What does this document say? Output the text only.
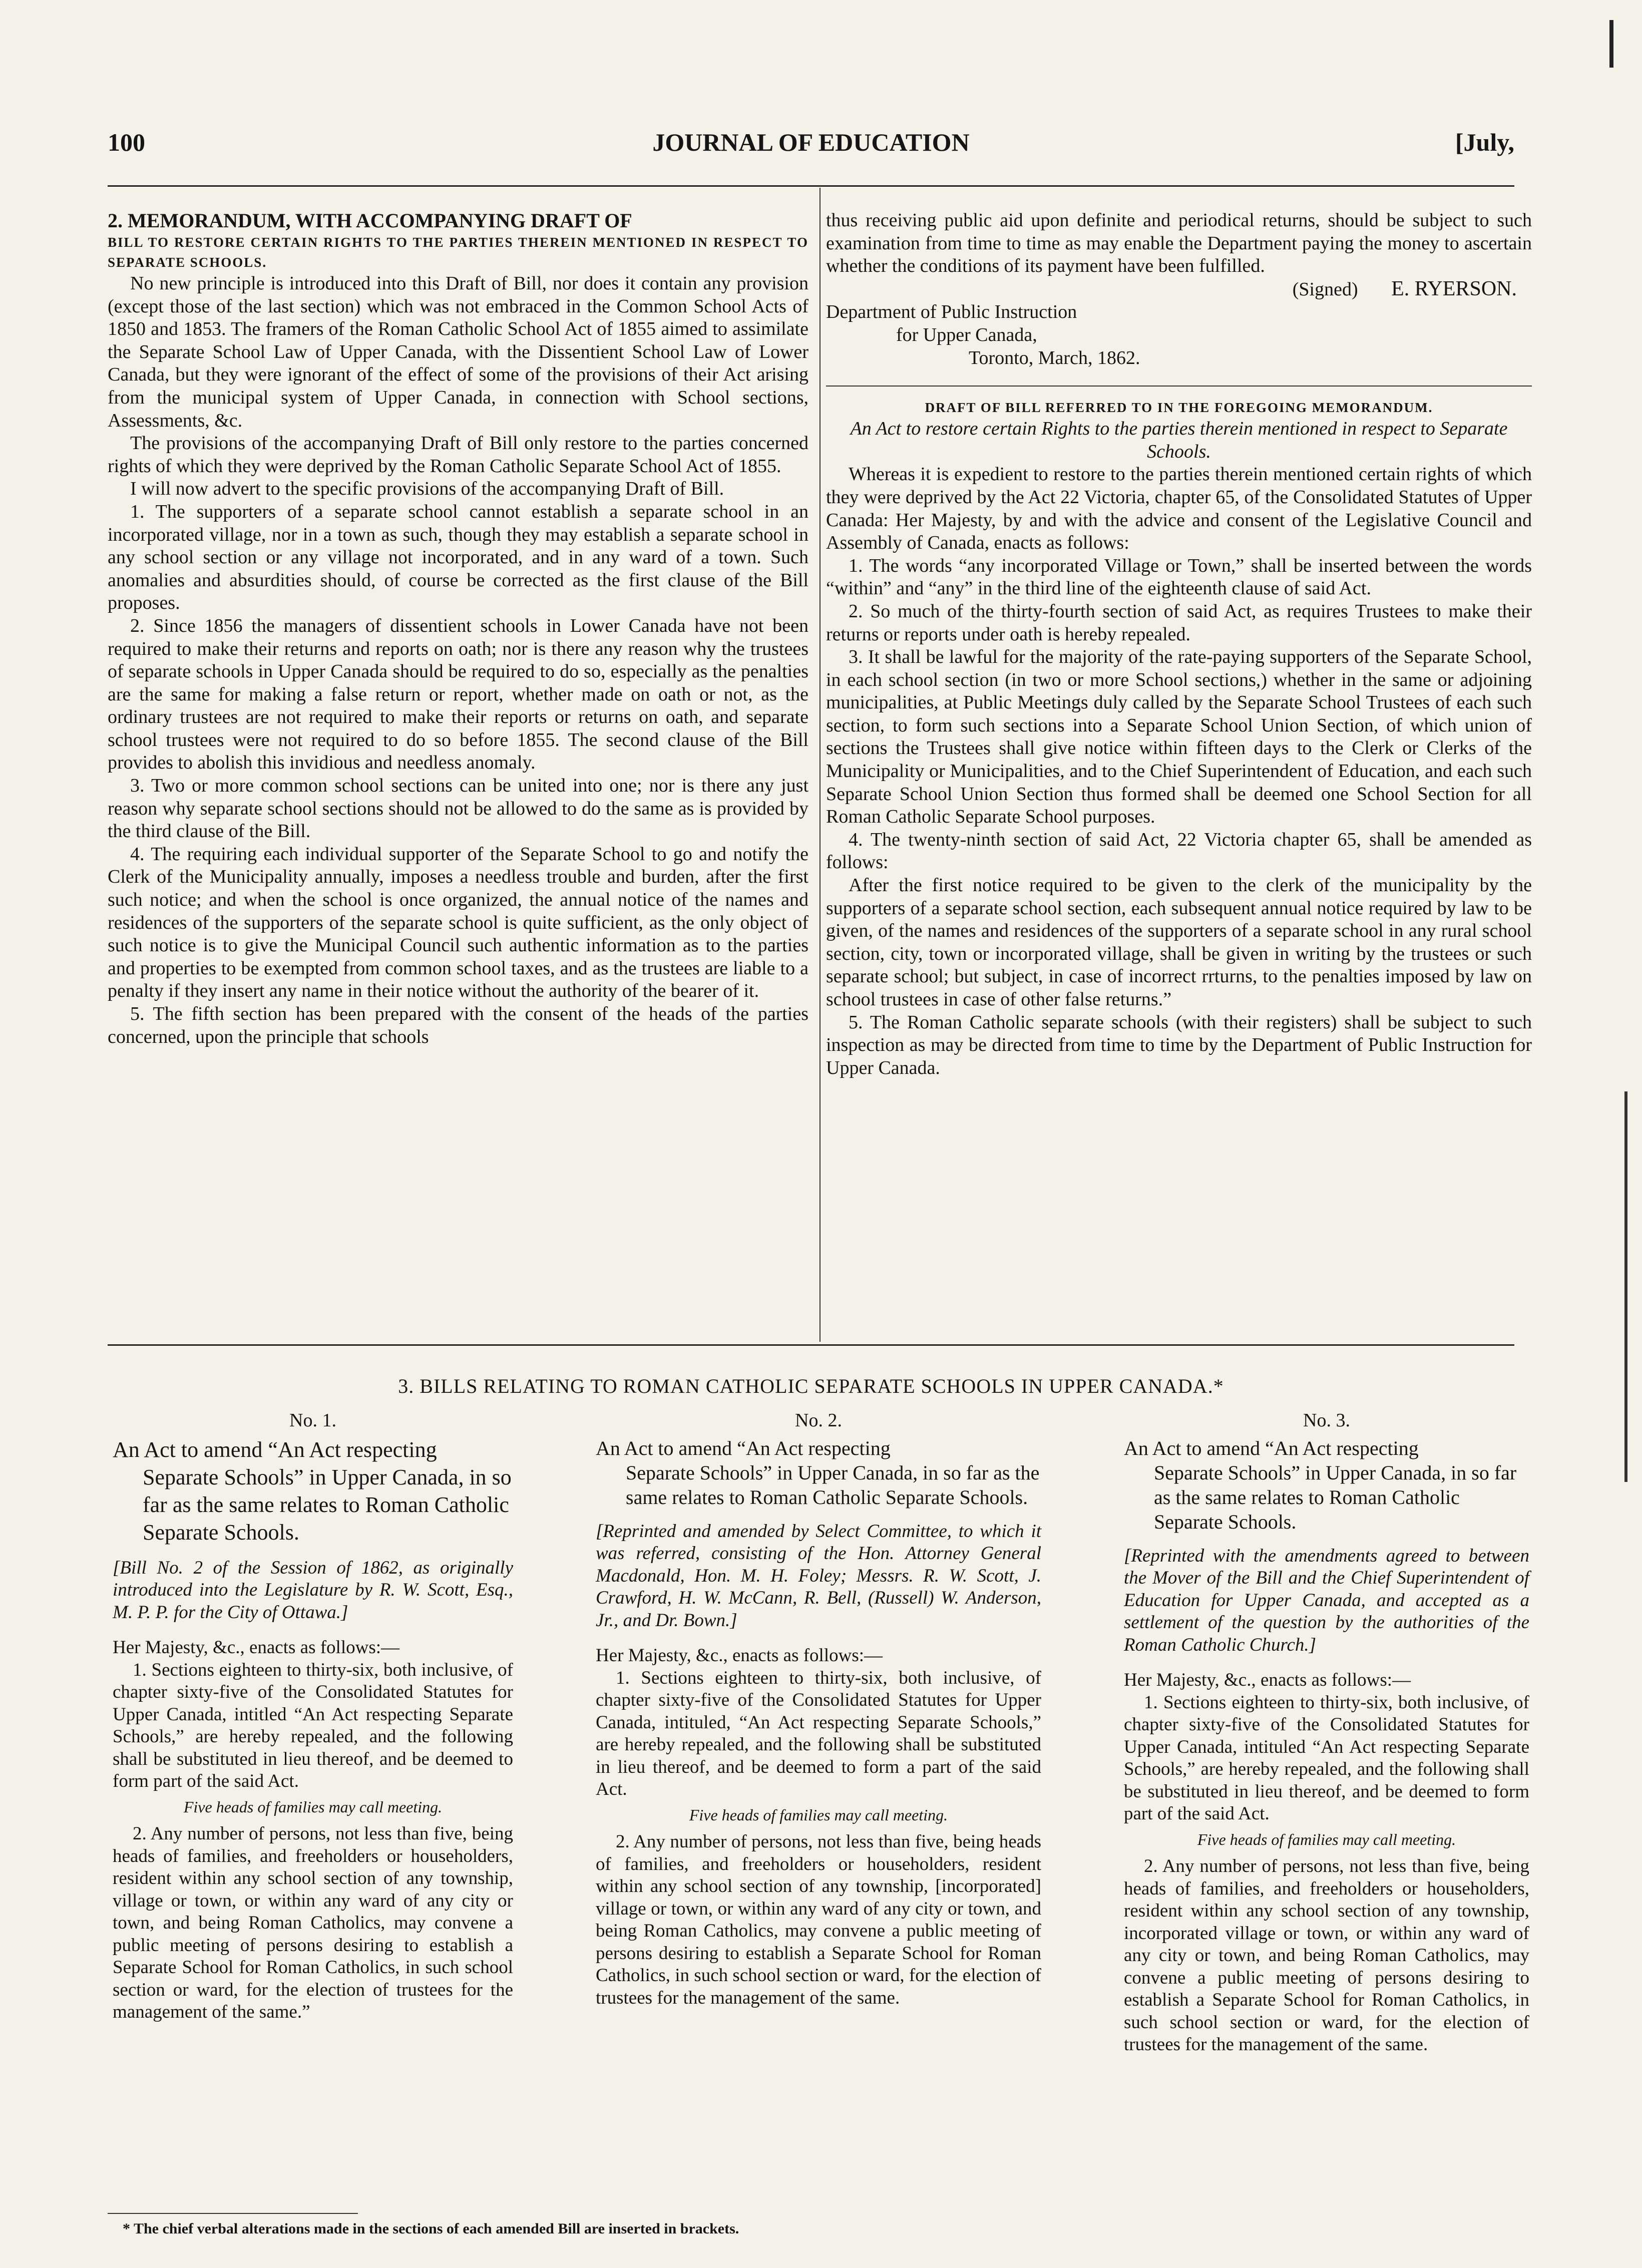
100	JOURNAL OF EDUCATION	[July,

2. MEMORANDUM, WITH ACCOMPANYING DRAFT OF

BILL TO RESTORE CERTAIN RIGHTS TO THE PARTIES THEREIN MENTIONED IN RESPECT TO SEPARATE SCHOOLS.

No new principle is introduced into this Draft of Bill, nor does it contain any provision (except those of the last section) which was not embraced in the Common School Acts of 1850 and 1853. The framers of the Roman Catholic School Act of 1855 aimed to assimilate the Separate School Law of Upper Canada, with the Dissentient School Law of Lower Canada, but they were ignorant of the effect of some of the provisions of their Act arising from the municipal system of Upper Canada, in connection with School sections, Assessments, &c.

The provisions of the accompanying Draft of Bill only restore to the parties concerned rights of which they were deprived by the Roman Catholic Separate School Act of 1855.

I will now advert to the specific provisions of the accompanying Draft of Bill.

1. The supporters of a separate school cannot establish a separate school in an incorporated village, nor in a town as such, though they may establish a separate school in any school section or any village not incorporated, and in any ward of a town. Such anomalies and absurdities should, of course be corrected as the first clause of the Bill proposes.

2. Since 1856 the managers of dissentient schools in Lower Canada have not been required to make their returns and reports on oath; nor is there any reason why the trustees of separate schools in Upper Canada should be required to do so, especially as the penalties are the same for making a false return or report, whether made on oath or not, as the ordinary trustees are not required to make their reports or returns on oath, and separate school trustees were not required to do so before 1855. The second clause of the Bill provides to abolish this invidious and needless anomaly.

3. Two or more common school sections can be united into one; nor is there any just reason why separate school sections should not be allowed to do the same as is provided by the third clause of the Bill.

4. The requiring each individual supporter of the Separate School to go and notify the Clerk of the Municipality annually, imposes a needless trouble and burden, after the first such notice; and when the school is once organized, the annual notice of the names and residences of the supporters of the separate school is quite sufficient, as the only object of such notice is to give the Municipal Council such authentic information as to the parties and properties to be exempted from common school taxes, and as the trustees are liable to a penalty if they insert any name in their notice without the authority of the bearer of it.

5. The fifth section has been prepared with the consent of the heads of the parties concerned, upon the principle that schools

thus receiving public aid upon definite and periodical returns, should be subject to such examination from time to time as may enable the Department paying the money to ascertain whether the conditions of its payment have been fulfilled.

(Signed) E. RYERSON.

Department of Public Instruction

for Upper Canada,

Toronto, March, 1862.

DRAFT OF BILL REFERRED TO IN THE FOREGOING MEMORANDUM.

An Act to restore certain Rights to the parties therein mentioned in respect to Separate Schools.

Whereas it is expedient to restore to the parties therein mentioned certain rights of which they were deprived by the Act 22 Victoria, chapter 65, of the Consolidated Statutes of Upper Canada: Her Majesty, by and with the advice and consent of the Legislative Council and Assembly of Canada, enacts as follows:

1. The words “any incorporated Village or Town,” shall be inserted between the words “within” and “any” in the third line of the eighteenth clause of said Act.

2. So much of the thirty-fourth section of said Act, as requires Trustees to make their returns or reports under oath is hereby repealed.

3. It shall be lawful for the majority of the rate-paying supporters of the Separate School, in each school section (in two or more School sections,) whether in the same or adjoining municipalities, at Public Meetings duly called by the Separate School Trustees of each such section, to form such sections into a Separate School Union Section, of which union of sections the Trustees shall give notice within fifteen days to the Clerk or Clerks of the Municipality or Municipalities, and to the Chief Superintendent of Education, and each such Separate School Union Section thus formed shall be deemed one School Section for all Roman Catholic Separate School purposes.

4. The twenty-ninth section of said Act, 22 Victoria chapter 65, shall be amended as follows:

After the first notice required to be given to the clerk of the municipality by the supporters of a separate school section, each subsequent annual notice required by law to be given, of the names and residences of the supporters of a separate school in any rural school section, city, town or incorporated village, shall be given in writing by the trustees or such separate school; but subject, in case of incorrect rrturns, to the penalties imposed by law on school trustees in case of other false returns.”

5. The Roman Catholic separate schools (with their registers) shall be subject to such inspection as may be directed from time to time by the Department of Public Instruction for Upper Canada.

3. BILLS RELATING TO ROMAN CATHOLIC SEPARATE SCHOOLS IN UPPER CANADA.*

No. 1.

An Act to amend “An Act respecting
Separate Schools” in Upper Canada, in so far as the same relates to Roman Catholic Separate Schools.

[Bill No. 2 of the Session of 1862, as originally introduced into the Legislature by R. W. Scott, Esq., M. P. P. for the City of Ottawa.]

Her Majesty, &c., enacts as follows:—

1. Sections eighteen to thirty-six, both inclusive, of chapter sixty-five of the Consolidated Statutes for Upper Canada, intitled “An Act respecting Separate Schools,” are hereby repealed, and the following shall be substituted in lieu thereof, and be deemed to form part of the said Act.

Five heads of families may call meeting.

2. Any number of persons, not less than five, being heads of families, and freeholders or householders, resident within any school section of any township, village or town, or within any ward of any city or town, and being Roman Catholics, may convene a public meeting of persons desiring to establish a Separate School for Roman Catholics, in such school section or ward, for the election of trustees for the management of the same.”

No. 2.

An Act to amend “An Act respecting
Separate Schools” in Upper Canada, in so far as the same relates to Roman Catholic Separate Schools.

[Reprinted and amended by Select Committee, to which it was referred, consisting of the Hon. Attorney General Macdonald, Hon. M. H. Foley; Messrs. R. W. Scott, J. Crawford, H. W. McCann, R. Bell, (Russell) W. Anderson, Jr., and Dr. Bown.]

Her Majesty, &c., enacts as follows:—

1. Sections eighteen to thirty-six, both inclusive, of chapter sixty-five of the Consolidated Statutes for Upper Canada, intituled, “An Act respecting Separate Schools,” are hereby repealed, and the following shall be substituted in lieu thereof, and be deemed to form a part of the said Act.

Five heads of families may call meeting.

2. Any number of persons, not less than five, being heads of families, and freeholders or householders, resident within any school section of any township, [incorporated] village or town, or within any ward of any city or town, and being Roman Catholics, may convene a public meeting of persons desiring to establish a Separate School for Roman Catholics, in such school section or ward, for the election of trustees for the management of the same.

No. 3.

An Act to amend “An Act respecting
Separate Schools” in Upper Canada, in so far as the same relates to Roman Catholic Separate Schools.

[Reprinted with the amendments agreed to between the Mover of the Bill and the Chief Superintendent of Education for Upper Canada, and accepted as a settlement of the question by the authorities of the Roman Catholic Church.]

Her Majesty, &c., enacts as follows:—

1. Sections eighteen to thirty-six, both inclusive, of chapter sixty-five of the Consolidated Statutes for Upper Canada, intituled “An Act respecting Separate Schools,” are hereby repealed, and the following shall be substituted in lieu thereof, and be deemed to form part of the said Act.

Five heads of families may call meeting.

2. Any number of persons, not less than five, being heads of families, and freeholders or householders, resident within any school section of any township, incorporated village or town, or within any ward of any city or town, and being Roman Catholics, may convene a public meeting of persons desiring to establish a Separate School for Roman Catholics, in such school section or ward, for the election of trustees for the management of the same.

* The chief verbal alterations made in the sections of each amended Bill are inserted in brackets.
